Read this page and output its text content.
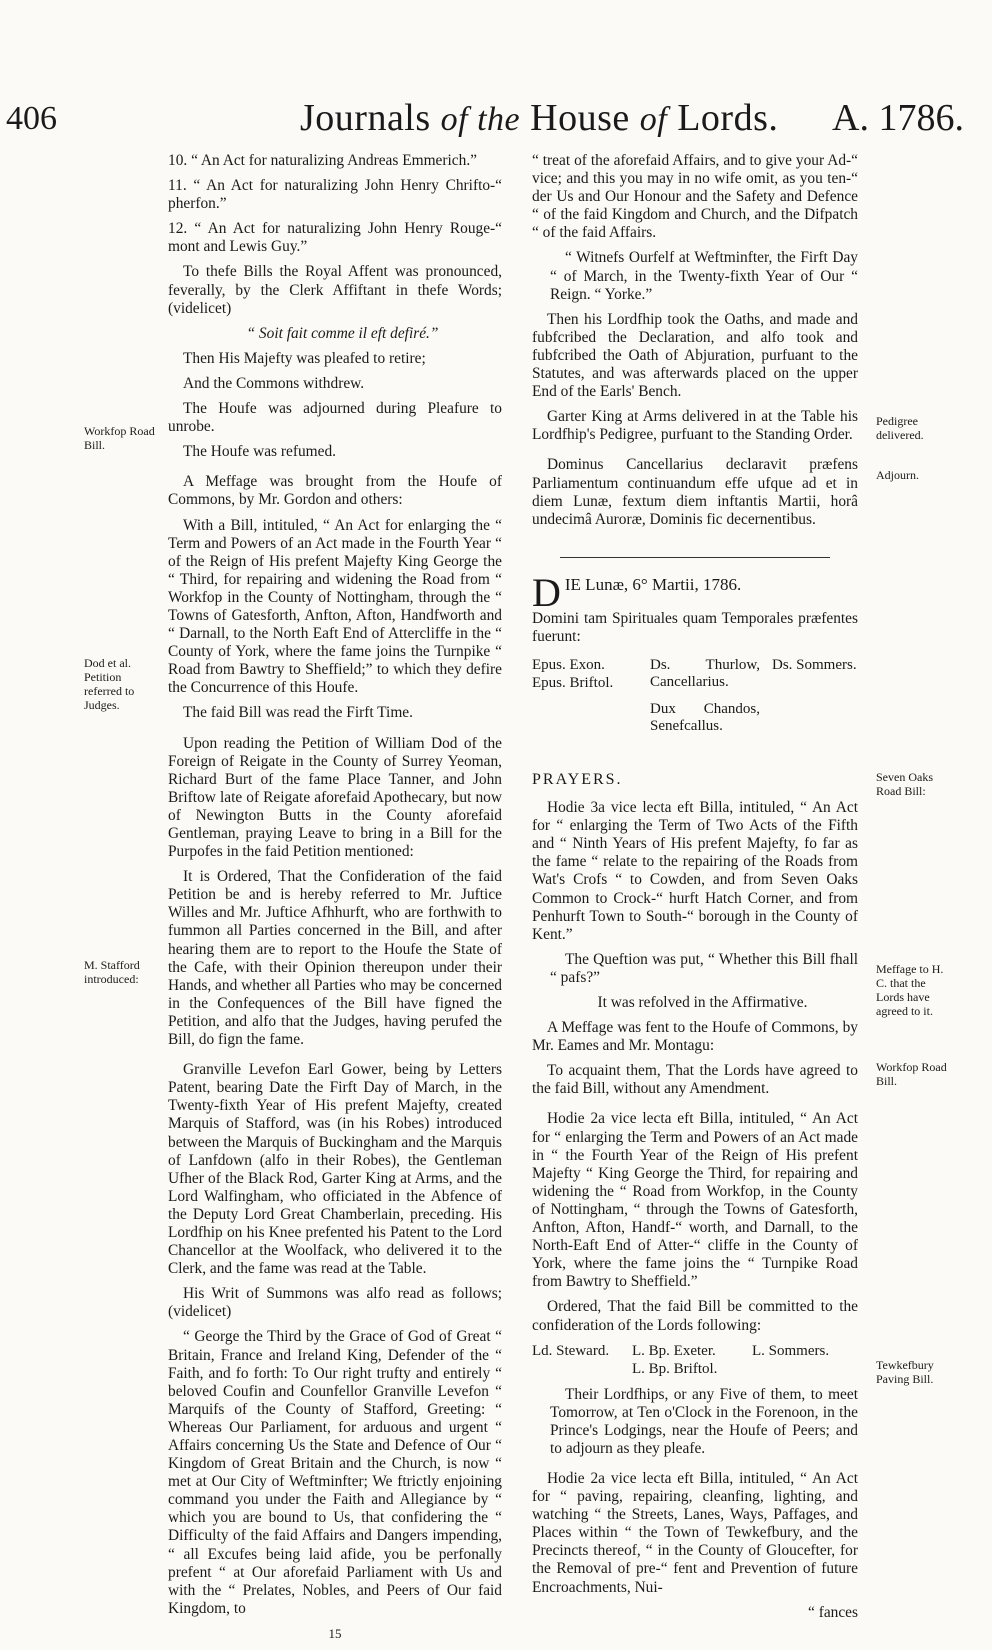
406	Journals of the House of Lords. A. 1786.
Workfop Road Bill.
Dod et al. Petition referred to Judges.
M. Stafford introduced:
Pedigree delivered.
Adjourn.
Seven Oaks Road Bill:
Meffage to H. C. that the Lords have agreed to it.
Workfop Road Bill.
Tewkefbury Paving Bill.

10. “ An Act for naturalizing Andreas Emmerich.”

11. “ An Act for naturalizing John Henry Chrifto-“ pherfon.”

12. “ An Act for naturalizing John Henry Rouge-“ mont and Lewis Guy.”

To thefe Bills the Royal Affent was pronounced, feverally, by the Clerk Affiftant in thefe Words; (videlicet)

“ Soit fait comme il eft defiré.”

Then His Majefty was pleafed to retire;

And the Commons withdrew.

The Houfe was adjourned during Pleafure to unrobe.

The Houfe was refumed.

A Meffage was brought from the Houfe of Commons, by Mr. Gordon and others:

With a Bill, intituled, “ An Act for enlarging the “ Term and Powers of an Act made in the Fourth Year “ of the Reign of His prefent Majefty King George the “ Third, for repairing and widening the Road from “ Workfop in the County of Nottingham, through the “ Towns of Gatesforth, Anfton, Afton, Handfworth and “ Darnall, to the North Eaft End of Attercliffe in the “ County of York, where the fame joins the Turnpike “ Road from Bawtry to Sheffield;” to which they defire the Concurrence of this Houfe.

The faid Bill was read the Firft Time.

Upon reading the Petition of William Dod of the Foreign of Reigate in the County of Surrey Yeoman, Richard Burt of the fame Place Tanner, and John Briftow late of Reigate aforefaid Apothecary, but now of Newington Butts in the County aforefaid Gentleman, praying Leave to bring in a Bill for the Purpofes in the faid Petition mentioned:

It is Ordered, That the Confideration of the faid Petition be and is hereby referred to Mr. Juftice Willes and Mr. Juftice Afhhurft, who are forthwith to fummon all Parties concerned in the Bill, and after hearing them are to report to the Houfe the State of the Cafe, with their Opinion thereupon under their Hands, and whether all Parties who may be concerned in the Confequences of the Bill have figned the Petition, and alfo that the Judges, having perufed the Bill, do fign the fame.

Granville Levefon Earl Gower, being by Letters Patent, bearing Date the Firft Day of March, in the Twenty-fixth Year of His prefent Majefty, created Marquis of Stafford, was (in his Robes) introduced between the Marquis of Buckingham and the Marquis of Lanfdown (alfo in their Robes), the Gentleman Ufher of the Black Rod, Garter King at Arms, and the Lord Walfingham, who officiated in the Abfence of the Deputy Lord Great Chamberlain, preceding. His Lordfhip on his Knee prefented his Patent to the Lord Chancellor at the Woolfack, who delivered it to the Clerk, and the fame was read at the Table.

His Writ of Summons was alfo read as follows; (videlicet)

“ George the Third by the Grace of God of Great “ Britain, France and Ireland King, Defender of the “ Faith, and fo forth: To Our right trufty and entirely “ beloved Coufin and Counfellor Granville Levefon “ Marquifs of the County of Stafford, Greeting: “ Whereas Our Parliament, for arduous and urgent “ Affairs concerning Us the State and Defence of Our “ Kingdom of Great Britain and the Church, is now “ met at Our City of Weftminfter; We ftrictly enjoining command you under the Faith and Allegiance by “ which you are bound to Us, that confidering the “ Difficulty of the faid Affairs and Dangers impending, “ all Excufes being laid afide, you be perfonally prefent “ at Our aforefaid Parliament with Us and with the “ Prelates, Nobles, and Peers of Our faid Kingdom, to

15

“ treat of the aforefaid Affairs, and to give your Ad-“ vice; and this you may in no wife omit, as you ten-“ der Us and Our Honour and the Safety and Defence “ of the faid Kingdom and Church, and the Difpatch “ of the faid Affairs.

“ Witnefs Ourfelf at Weftminfter, the Firft Day “ of March, in the Twenty-fixth Year of Our “ Reign. “ Yorke.”

Then his Lordfhip took the Oaths, and made and fubfcribed the Declaration, and alfo took and fubfcribed the Oath of Abjuration, purfuant to the Statutes, and was afterwards placed on the upper End of the Earls' Bench.

Garter King at Arms delivered in at the Table his Lordfhip's Pedigree, purfuant to the Standing Order.

Dominus Cancellarius declaravit præfens Parliamentum continuandum effe ufque ad et in diem Lunæ, fextum diem inftantis Martii, horâ undecimâ Auroræ, Dominis fic decernentibus.

D IE Lunæ, 6° Martii, 1786.

Domini tam Spirituales quam Temporales præfentes fuerunt:

Epus. Exon.
Epus. Briftol.
Ds. Thurlow, Cancellarius.
Dux Chandos, Senefcallus.
Ds. Sommers.
PRAYERS.

Hodie 3a vice lecta eft Billa, intituled, “ An Act for “ enlarging the Term of Two Acts of the Fifth and “ Ninth Years of His prefent Majefty, fo far as the fame “ relate to the repairing of the Roads from Wat's Crofs “ to Cowden, and from Seven Oaks Common to Crock-“ hurft Hatch Corner, and from Penhurft Town to South-“ borough in the County of Kent.”

The Queftion was put, “ Whether this Bill fhall “ pafs?”

It was refolved in the Affirmative.

A Meffage was fent to the Houfe of Commons, by Mr. Eames and Mr. Montagu:

To acquaint them, That the Lords have agreed to the faid Bill, without any Amendment.

Hodie 2a vice lecta eft Billa, intituled, “ An Act for “ enlarging the Term and Powers of an Act made in “ the Fourth Year of the Reign of His prefent Majefty “ King George the Third, for repairing and widening the “ Road from Workfop, in the County of Nottingham, “ through the Towns of Gatesforth, Anfton, Afton, Handf-“ worth, and Darnall, to the North-Eaft End of Atter-“ cliffe in the County of York, where the fame joins the “ Turnpike Road from Bawtry to Sheffield.”

Ordered, That the faid Bill be committed to the confideration of the Lords following:

Ld. Steward. L. Bp. Exeter.
L. Bp. Briftol.
L. Sommers.

Their Lordfhips, or any Five of them, to meet Tomorrow, at Ten o'Clock in the Forenoon, in the Prince's Lodgings, near the Houfe of Peers; and to adjourn as they pleafe.

Hodie 2a vice lecta eft Billa, intituled, “ An Act for “ paving, repairing, cleanfing, lighting, and watching “ the Streets, Lanes, Ways, Paffages, and Places within “ the Town of Tewkefbury, and the Precincts thereof, “ in the County of Gloucefter, for the Removal of pre-“ fent and Prevention of future Encroachments, Nui-

“ fances
